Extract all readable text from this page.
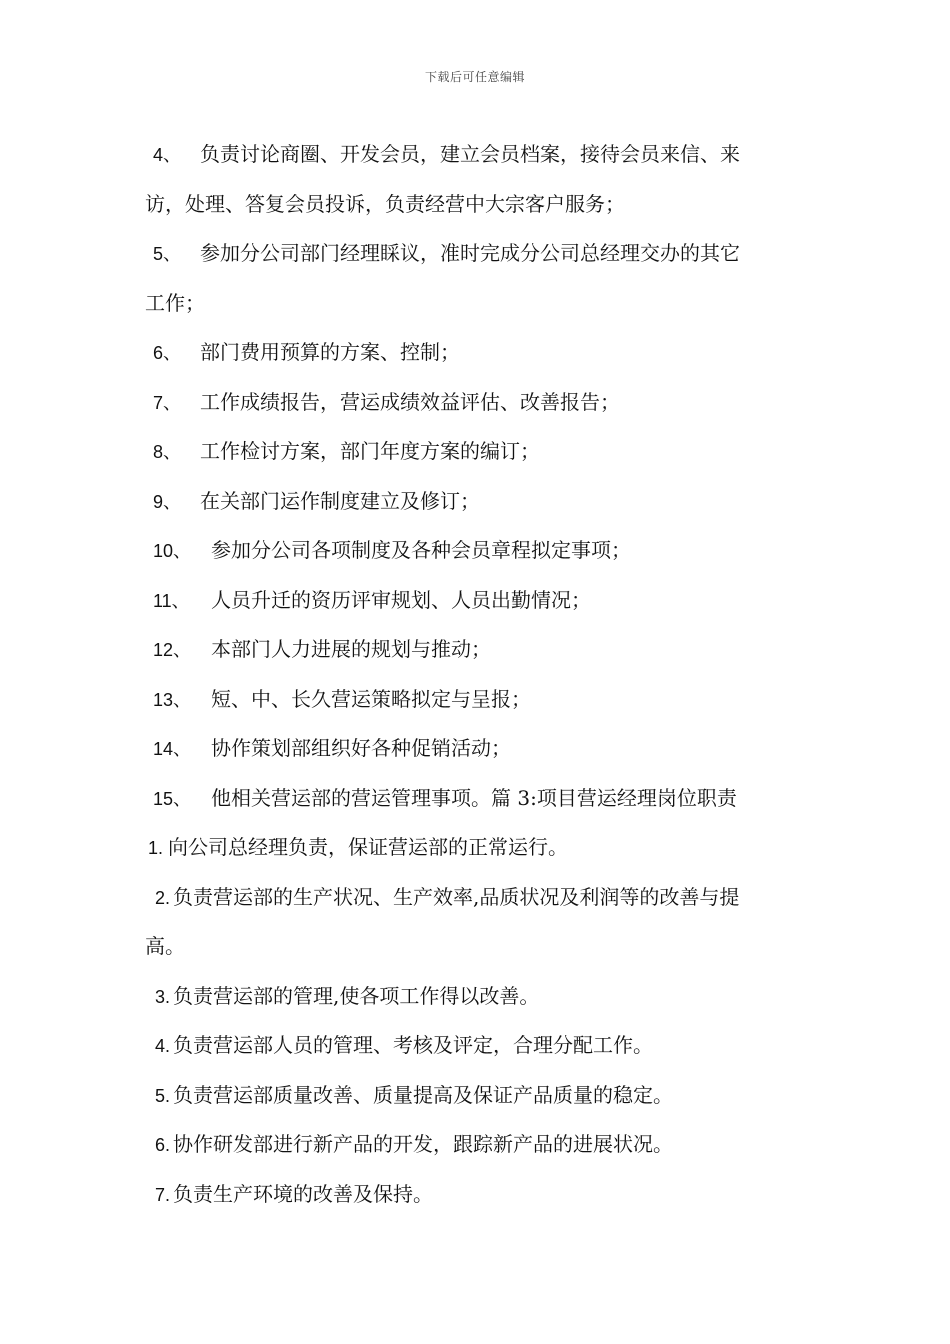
下载后可任意编辑
4、 负责讨论商圈、开发会员，建立会员档案，接待会员来信、来
访，处理、答复会员投诉，负责经营中大宗客户服务；
5、 参加分公司部门经理睬议，准时完成分公司总经理交办的其它
工作；
6、 部门费用预算的方案、控制；
7、 工作成绩报告，营运成绩效益评估、改善报告；
8、 工作检讨方案，部门年度方案的编订；
9、 在关部门运作制度建立及修订；
10、 参加分公司各项制度及各种会员章程拟定事项；
11、 人员升迁的资历评审规划、人员出勤情况；
12、 本部门人力进展的规划与推动；
13、 短、中、长久营运策略拟定与呈报；
14、 协作策划部组织好各种促销活动；
15、 他相关营运部的营运管理事项。篇 3:项目营运经理岗位职责
1. 向公司总经理负责，保证营运部的正常运行。
2. 负责营运部的生产状况、生产效率,品质状况及利润等的改善与提
高。
3. 负责营运部的管理,使各项工作得以改善。
4. 负责营运部人员的管理、考核及评定，合理分配工作。
5. 负责营运部质量改善、质量提高及保证产品质量的稳定。
6. 协作研发部进行新产品的开发，跟踪新产品的进展状况。
7. 负责生产环境的改善及保持。
